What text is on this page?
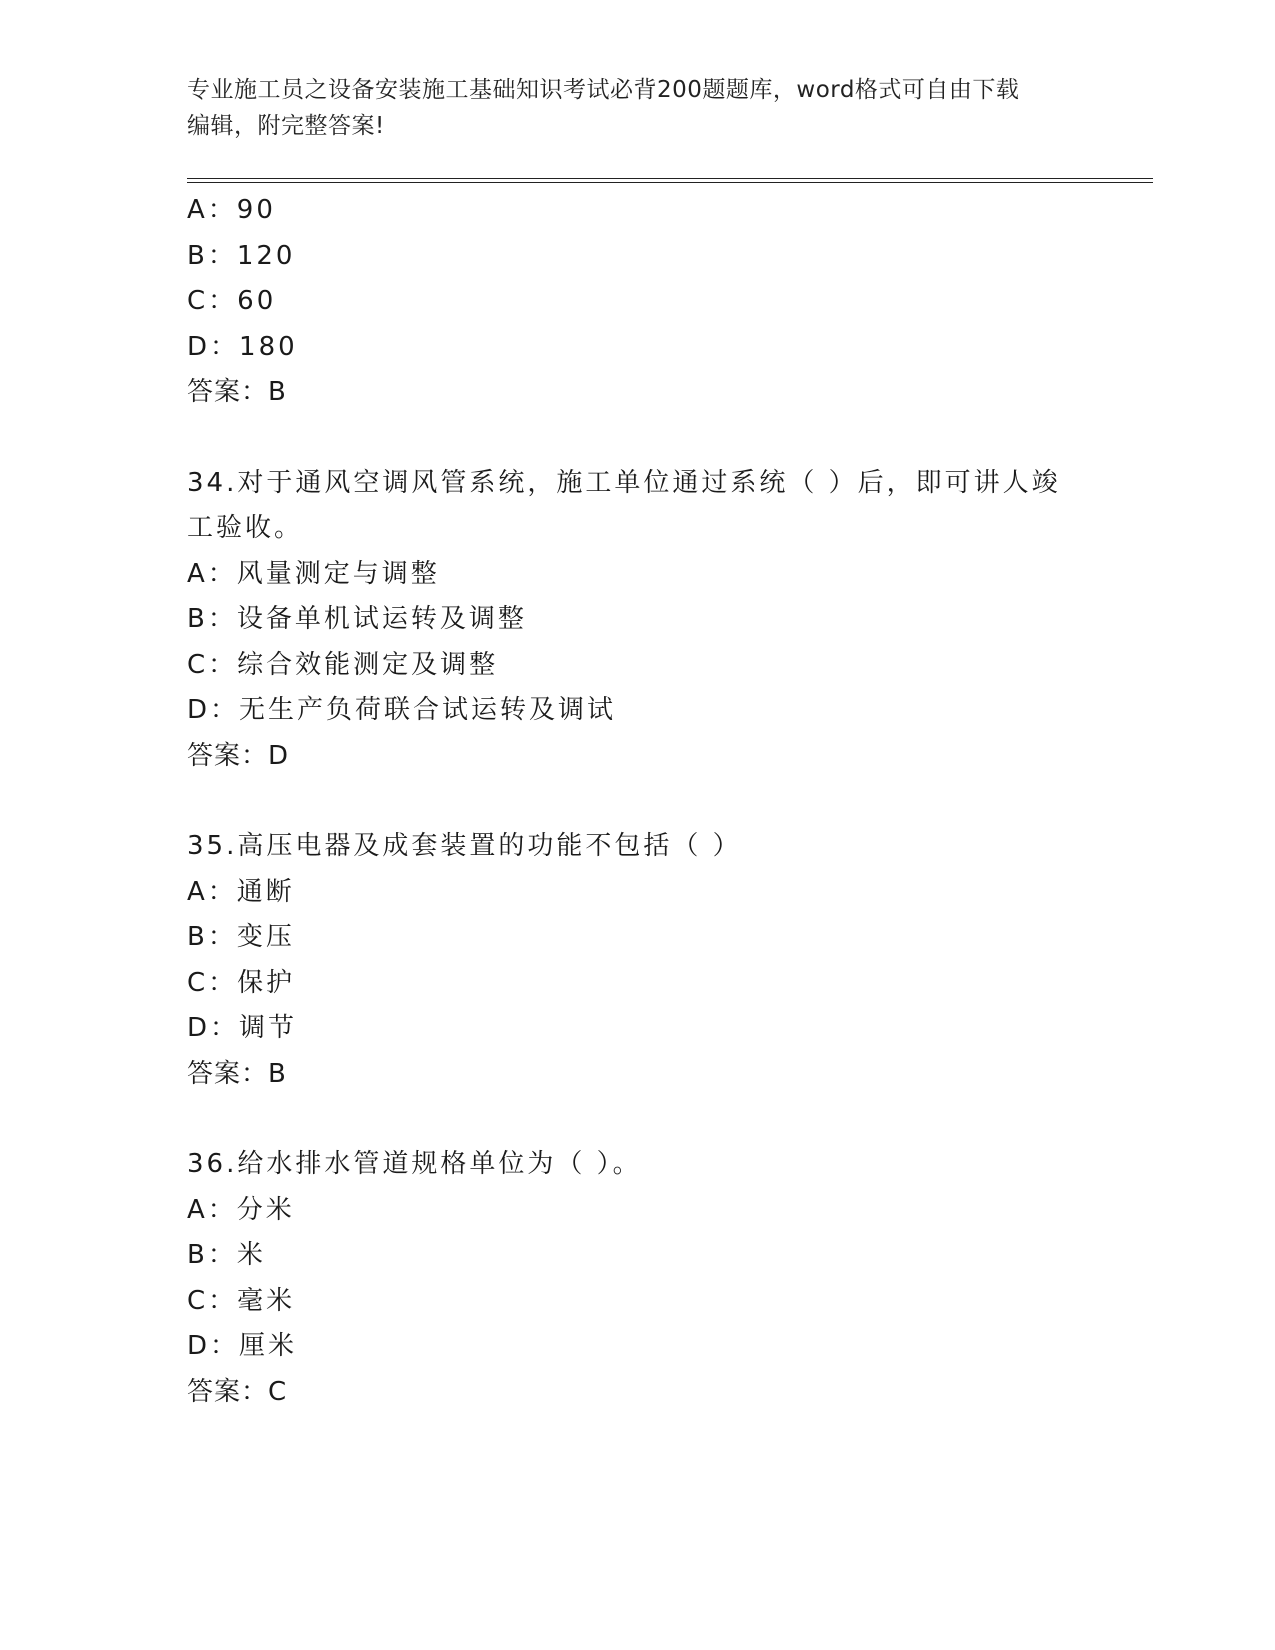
专业施工员之设备安装施工基础知识考试必背200题题库，word格式可自由下载
编辑，附完整答案!
A：90
B：120
C：60
D：180
答案：B
34.对于通风空调风管系统，施工单位通过系统（ ）后，即可讲人竣
工验收。
A：风量测定与调整
B：设备单机试运转及调整
C：综合效能测定及调整
D：无生产负荷联合试运转及调试
答案：D
35.高压电器及成套装置的功能不包括（ ）
A：通断
B：变压
C：保护
D：调节
答案：B
36.给水排水管道规格单位为（ ）。
A：分米
B：米
C：毫米
D：厘米
答案：C
